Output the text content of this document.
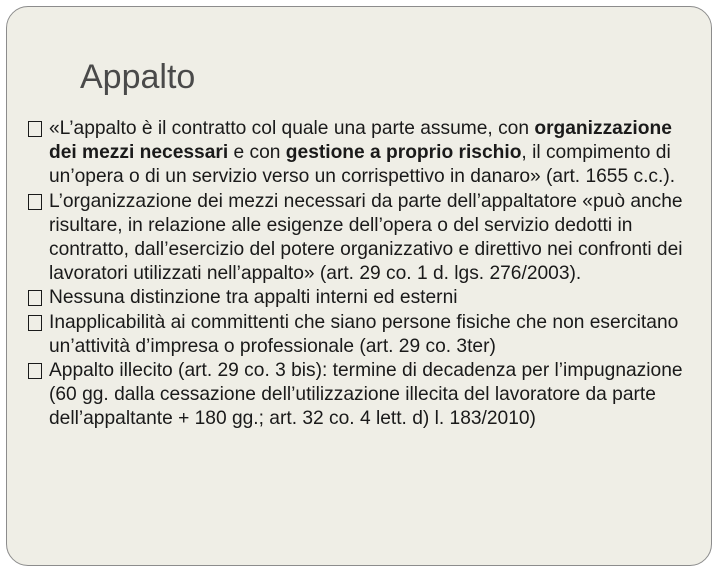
Appalto
«L’appalto è il contratto col quale una parte assume, con organizzazione dei mezzi necessari e con gestione a proprio rischio, il compimento di un’opera o di un servizio verso un corrispettivo in danaro» (art. 1655 c.c.).
L’organizzazione dei mezzi necessari da parte dell’appaltatore «può anche risultare, in relazione alle esigenze dell’opera o del servizio dedotti in contratto, dall’esercizio del potere organizzativo e direttivo nei confronti dei lavoratori utilizzati nell’appalto» (art. 29 co. 1 d. lgs. 276/2003).
Nessuna distinzione tra appalti interni ed esterni
Inapplicabilità ai committenti che siano persone fisiche che non esercitano un’attività d’impresa o professionale (art. 29 co. 3ter)
Appalto illecito (art. 29 co. 3 bis): termine di decadenza per l’impugnazione (60 gg. dalla cessazione dell’utilizzazione illecita del lavoratore da parte dell’appaltante + 180 gg.; art. 32 co. 4 lett. d) l. 183/2010)
